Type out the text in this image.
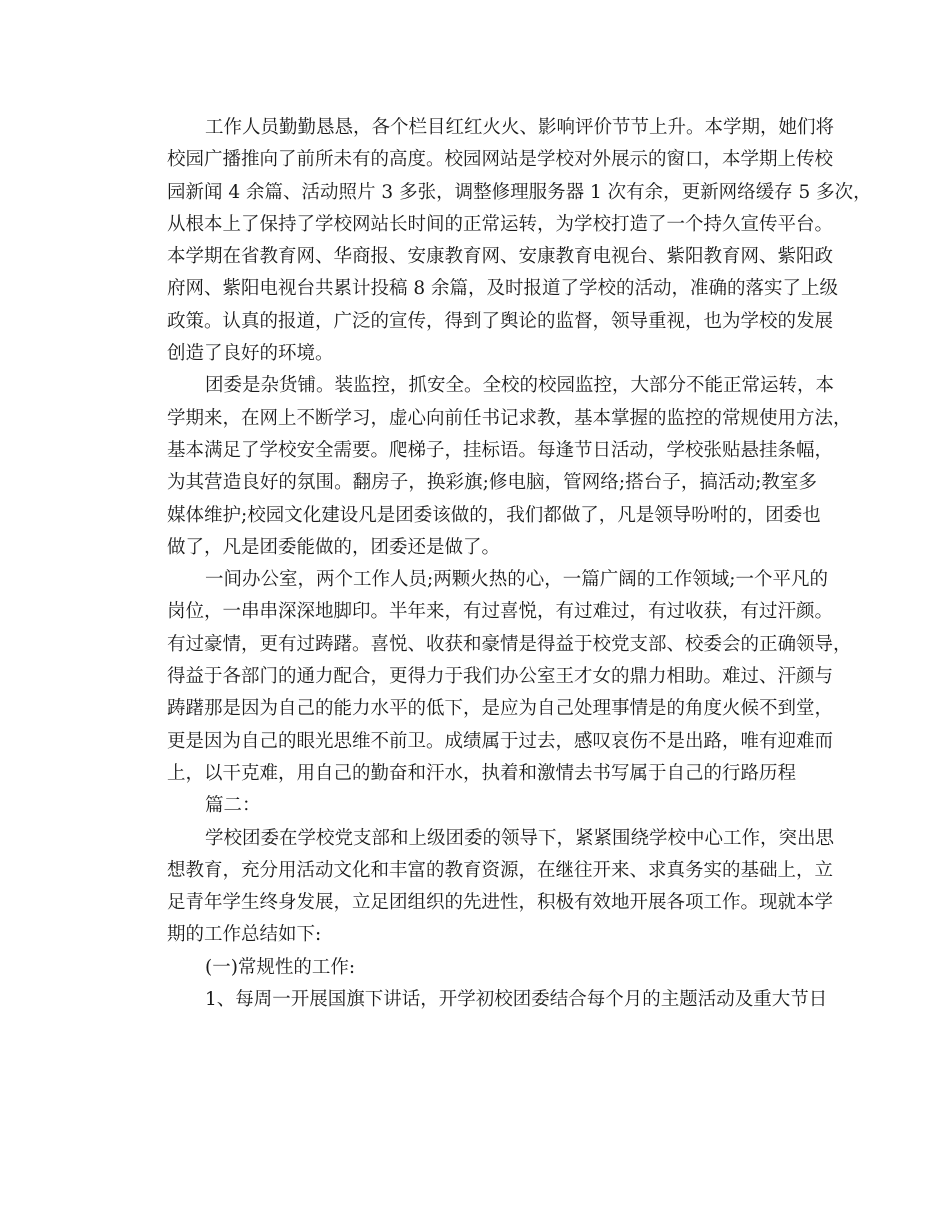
工作人员勤勤恳恳，各个栏目红红火火、影响评价节节上升。本学期，她们将
校园广播推向了前所未有的高度。校园网站是学校对外展示的窗口，本学期上传校
园新闻 4 余篇、活动照片 3 多张，调整修理服务器 1 次有余，更新网络缓存 5 多次，
从根本上了保持了学校网站长时间的正常运转，为学校打造了一个持久宣传平台。
本学期在省教育网、华商报、安康教育网、安康教育电视台、紫阳教育网、紫阳政
府网、紫阳电视台共累计投稿 8 余篇，及时报道了学校的活动，准确的落实了上级
政策。认真的报道，广泛的宣传，得到了舆论的监督，领导重视，也为学校的发展
创造了良好的环境。
团委是杂货铺。装监控，抓安全。全校的校园监控，大部分不能正常运转，本
学期来，在网上不断学习，虚心向前任书记求教，基本掌握的监控的常规使用方法，
基本满足了学校安全需要。爬梯子，挂标语。每逢节日活动，学校张贴悬挂条幅，
为其营造良好的氛围。翻房子，换彩旗;修电脑，管网络;搭台子，搞活动;教室多
媒体维护;校园文化建设凡是团委该做的，我们都做了，凡是领导吩咐的，团委也
做了，凡是团委能做的，团委还是做了。
一间办公室，两个工作人员;两颗火热的心，一篇广阔的工作领域;一个平凡的
岗位，一串串深深地脚印。半年来，有过喜悦，有过难过，有过收获，有过汗颜。
有过豪情，更有过踌躇。喜悦、收获和豪情是得益于校党支部、校委会的正确领导，
得益于各部门的通力配合，更得力于我们办公室王才女的鼎力相助。难过、汗颜与
踌躇那是因为自己的能力水平的低下，是应为自己处理事情是的角度火候不到堂，
更是因为自己的眼光思维不前卫。成绩属于过去，感叹哀伤不是出路，唯有迎难而
上，以干克难，用自己的勤奋和汗水，执着和激情去书写属于自己的行路历程
篇二：
学校团委在学校党支部和上级团委的领导下，紧紧围绕学校中心工作，突出思
想教育，充分用活动文化和丰富的教育资源，在继往开来、求真务实的基础上，立
足青年学生终身发展，立足团组织的先进性，积极有效地开展各项工作。现就本学
期的工作总结如下:
(一)常规性的工作:
1、每周一开展国旗下讲话，开学初校团委结合每个月的主题活动及重大节日
